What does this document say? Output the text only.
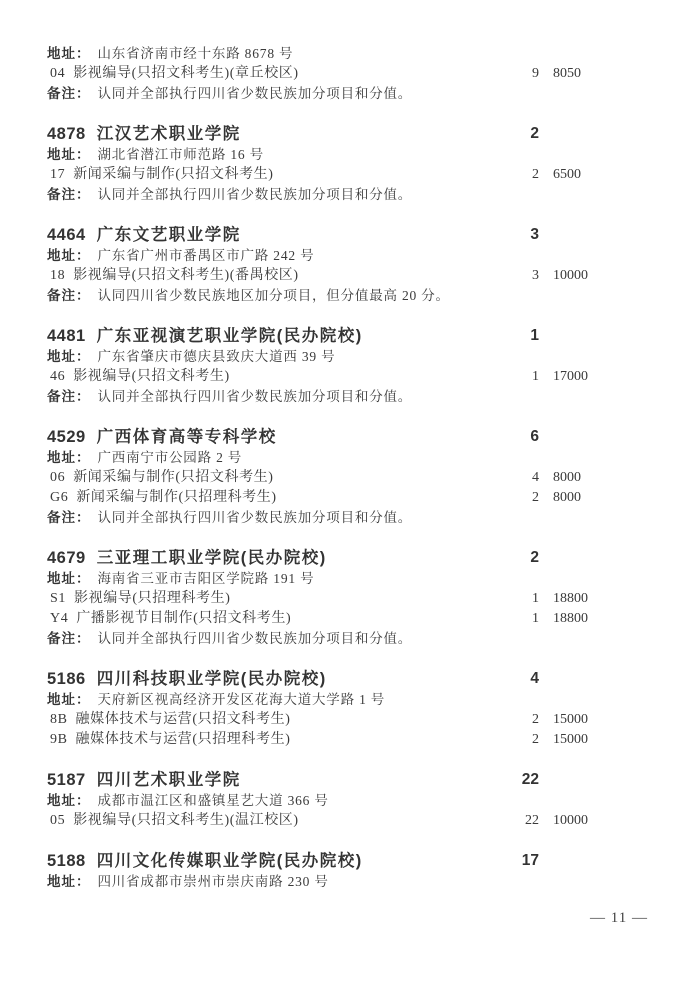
地址： 山东省济南市经十东路 8678 号
04 影视编导(只招文科考生)(章丘校区)	9 8050
备注： 认同并全部执行四川省少数民族加分项目和分值。
4878 江汉艺术职业学院	2
地址： 湖北省潜江市师范路 16 号
17 新闻采编与制作(只招文科考生)	2 6500
备注： 认同并全部执行四川省少数民族加分项目和分值。
4464 广东文艺职业学院	3
地址： 广东省广州市番禺区市广路 242 号
18 影视编导(只招文科考生)(番禺校区)	3 10000
备注： 认同四川省少数民族地区加分项目，但分值最高 20 分。
4481 广东亚视演艺职业学院(民办院校)	1
地址： 广东省肇庆市德庆县致庆大道西 39 号
46 影视编导(只招文科考生)	1 17000
备注： 认同并全部执行四川省少数民族加分项目和分值。
4529 广西体育高等专科学校	6
地址： 广西南宁市公园路 2 号
06 新闻采编与制作(只招文科考生)	4 8000
G6 新闻采编与制作(只招理科考生)	2 8000
备注： 认同并全部执行四川省少数民族加分项目和分值。
4679 三亚理工职业学院(民办院校)	2
地址： 海南省三亚市吉阳区学院路 191 号
S1 影视编导(只招理科考生)	1 18800
Y4 广播影视节目制作(只招文科考生)	1 18800
备注： 认同并全部执行四川省少数民族加分项目和分值。
5186 四川科技职业学院(民办院校)	4
地址： 天府新区视高经济开发区花海大道大学路 1 号
8B 融媒体技术与运营(只招文科考生)	2 15000
9B 融媒体技术与运营(只招理科考生)	2 15000
5187 四川艺术职业学院	22
地址： 成都市温江区和盛镇星艺大道 366 号
05 影视编导(只招文科考生)(温江校区)	22 10000
5188 四川文化传媒职业学院(民办院校)	17
地址： 四川省成都市崇州市崇庆南路 230 号
— 11 —
